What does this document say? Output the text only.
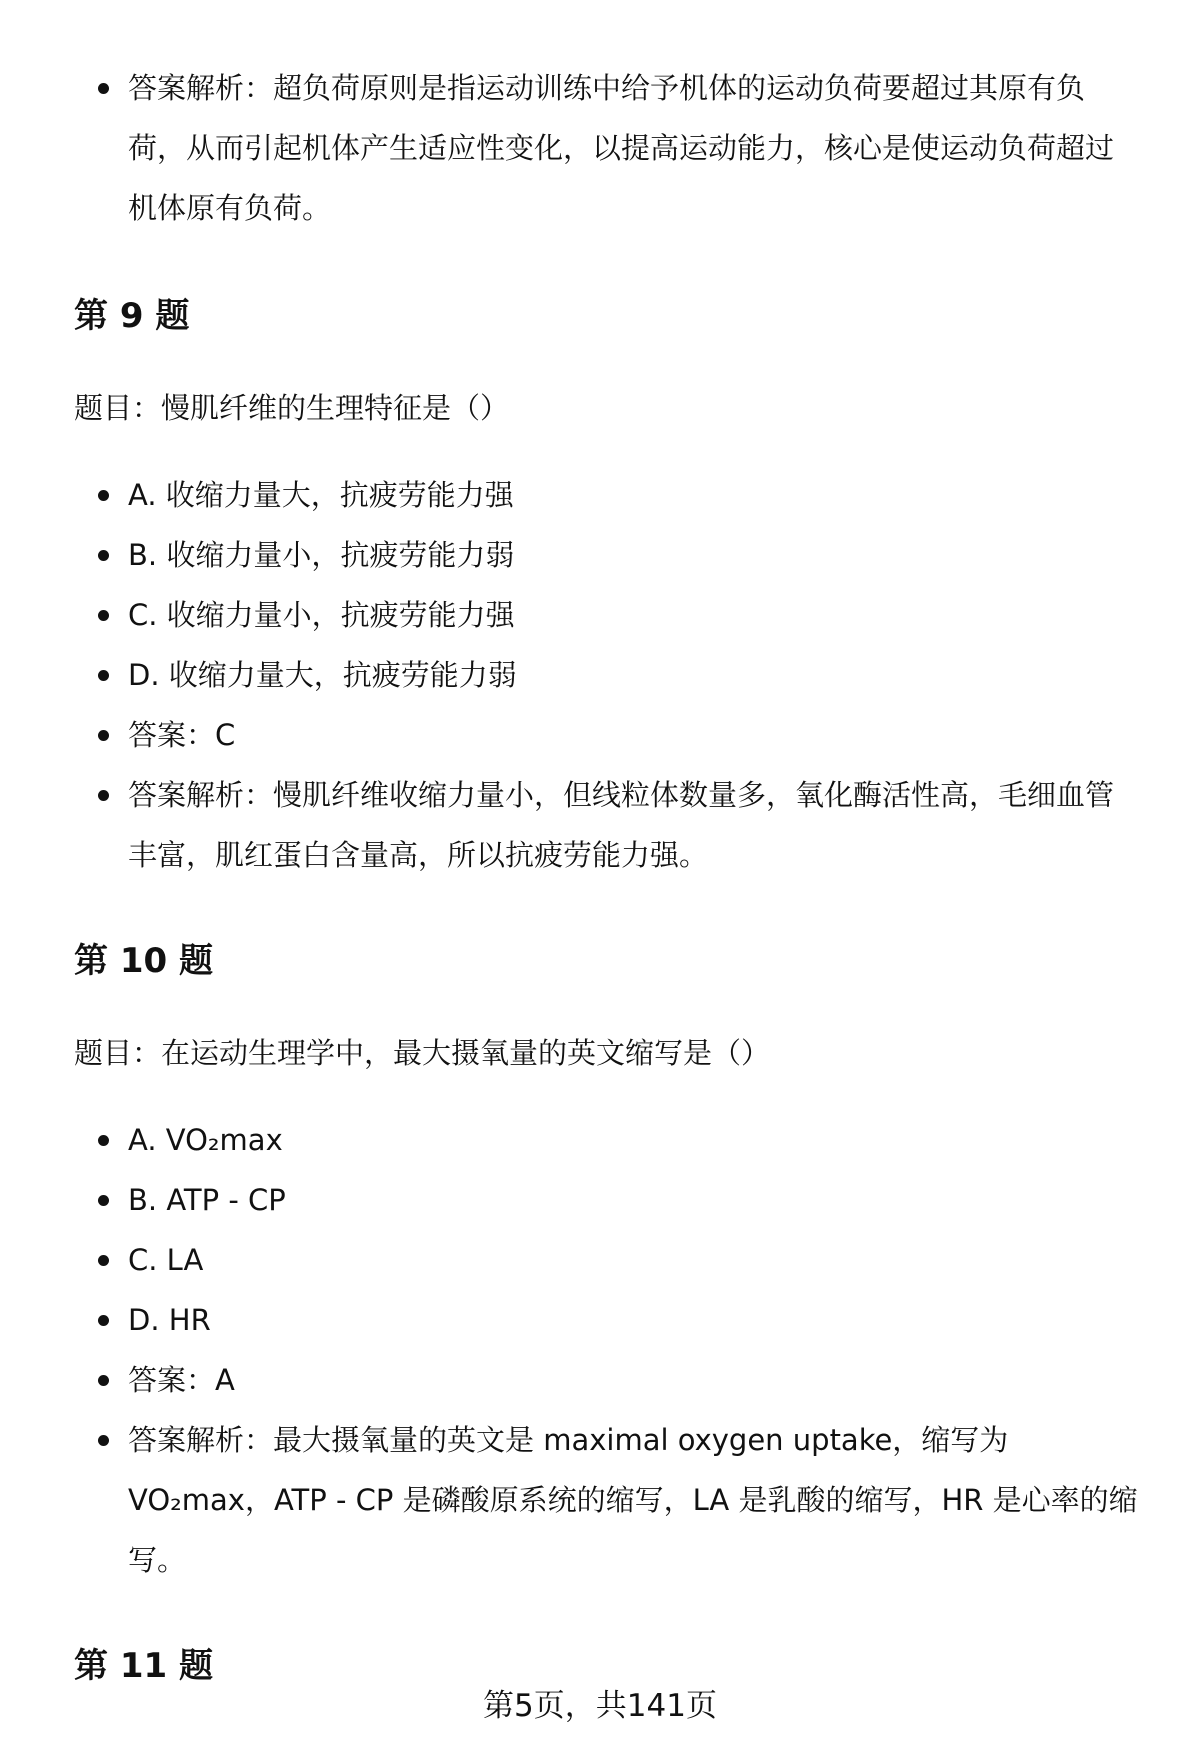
答案解析：超负荷原则是指运动训练中给予机体的运动负荷要超过其原有负荷，从而引起机体产生适应性变化，以提高运动能力，核心是使运动负荷超过机体原有负荷。
第 9 题

题目：慢肌纤维的生理特征是（）

A. 收缩力量大，抗疲劳能力强
B. 收缩力量小，抗疲劳能力弱
C. 收缩力量小，抗疲劳能力强
D. 收缩力量大，抗疲劳能力弱
答案：C
答案解析：慢肌纤维收缩力量小，但线粒体数量多，氧化酶活性高，毛细血管丰富，肌红蛋白含量高，所以抗疲劳能力强。
第 10 题

题目：在运动生理学中，最大摄氧量的英文缩写是（）

A. VO₂max
B. ATP - CP
C. LA
D. HR
答案：A
答案解析：最大摄氧量的英文是 maximal oxygen uptake，缩写为 VO₂max，ATP - CP 是磷酸原系统的缩写，LA 是乳酸的缩写，HR 是心率的缩写。
第 11 题
第5页，共141页
